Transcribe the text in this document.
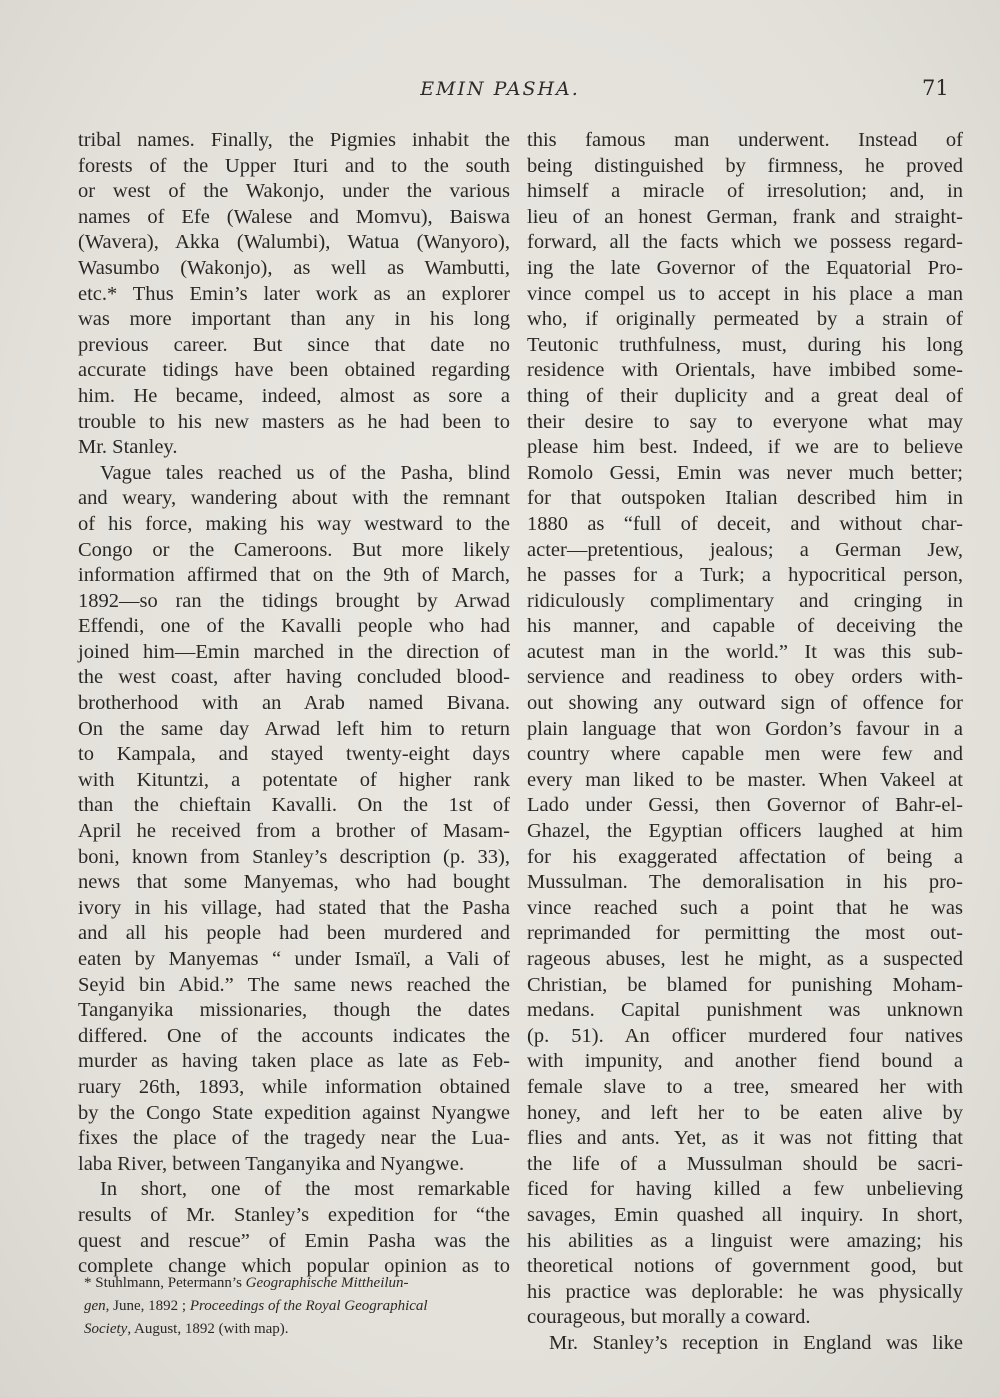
EMIN PASHA.	71
tribal names. Finally, the Pigmies inhabit the
forests of the Upper Ituri and to the south
or west of the Wakonjo, under the various
names of Efe (Walese and Momvu), Baiswa
(Wavera), Akka (Walumbi), Watua (Wanyoro),
Wasumbo (Wakonjo), as well as Wambutti,
etc.* Thus Emin’s later work as an explorer
was more important than any in his long
previous career. But since that date no
accurate tidings have been obtained regarding
him. He became, indeed, almost as sore a
trouble to his new masters as he had been to
Mr. Stanley.
Vague tales reached us of the Pasha, blind
and weary, wandering about with the remnant
of his force, making his way westward to the
Congo or the Cameroons. But more likely
information affirmed that on the 9th of March,
1892—so ran the tidings brought by Arwad
Effendi, one of the Kavalli people who had
joined him—Emin marched in the direction of
the west coast, after having concluded blood-
brotherhood with an Arab named Bivana.
On the same day Arwad left him to return
to Kampala, and stayed twenty-eight days
with Kituntzi, a potentate of higher rank
than the chieftain Kavalli. On the 1st of
April he received from a brother of Masam-
boni, known from Stanley’s description (p. 33),
news that some Manyemas, who had bought
ivory in his village, had stated that the Pasha
and all his people had been murdered and
eaten by Manyemas “ under Ismaïl, a Vali of
Seyid bin Abid.” The same news reached the
Tanganyika missionaries, though the dates
differed. One of the accounts indicates the
murder as having taken place as late as Feb-
ruary 26th, 1893, while information obtained
by the Congo State expedition against Nyangwe
fixes the place of the tragedy near the Lua-
laba River, between Tanganyika and Nyangwe.
In short, one of the most remarkable
results of Mr. Stanley’s expedition for “the
quest and rescue” of Emin Pasha was the
complete change which popular opinion as to
this famous man underwent. Instead of
being distinguished by firmness, he proved
himself a miracle of irresolution; and, in
lieu of an honest German, frank and straight-
forward, all the facts which we possess regard-
ing the late Governor of the Equatorial Pro-
vince compel us to accept in his place a man
who, if originally permeated by a strain of
Teutonic truthfulness, must, during his long
residence with Orientals, have imbibed some-
thing of their duplicity and a great deal of
their desire to say to everyone what may
please him best. Indeed, if we are to believe
Romolo Gessi, Emin was never much better;
for that outspoken Italian described him in
1880 as “full of deceit, and without char-
acter—pretentious, jealous; a German Jew,
he passes for a Turk; a hypocritical person,
ridiculously complimentary and cringing in
his manner, and capable of deceiving the
acutest man in the world.” It was this sub-
servience and readiness to obey orders with-
out showing any outward sign of offence for
plain language that won Gordon’s favour in a
country where capable men were few and
every man liked to be master. When Vakeel at
Lado under Gessi, then Governor of Bahr-el-
Ghazel, the Egyptian officers laughed at him
for his exaggerated affectation of being a
Mussulman. The demoralisation in his pro-
vince reached such a point that he was
reprimanded for permitting the most out-
rageous abuses, lest he might, as a suspected
Christian, be blamed for punishing Moham-
medans. Capital punishment was unknown
(p. 51). An officer murdered four natives
with impunity, and another fiend bound a
female slave to a tree, smeared her with
honey, and left her to be eaten alive by
flies and ants. Yet, as it was not fitting that
the life of a Mussulman should be sacri-
ficed for having killed a few unbelieving
savages, Emin quashed all inquiry. In short,
his abilities as a linguist were amazing; his
theoretical notions of government good, but
his practice was deplorable: he was physically
courageous, but morally a coward.
Mr. Stanley’s reception in England was like
* Stuhlmann, Petermann’s Geographische Mittheilun-
gen, June, 1892 ; Proceedings of the Royal Geographical
Society, August, 1892 (with map).
